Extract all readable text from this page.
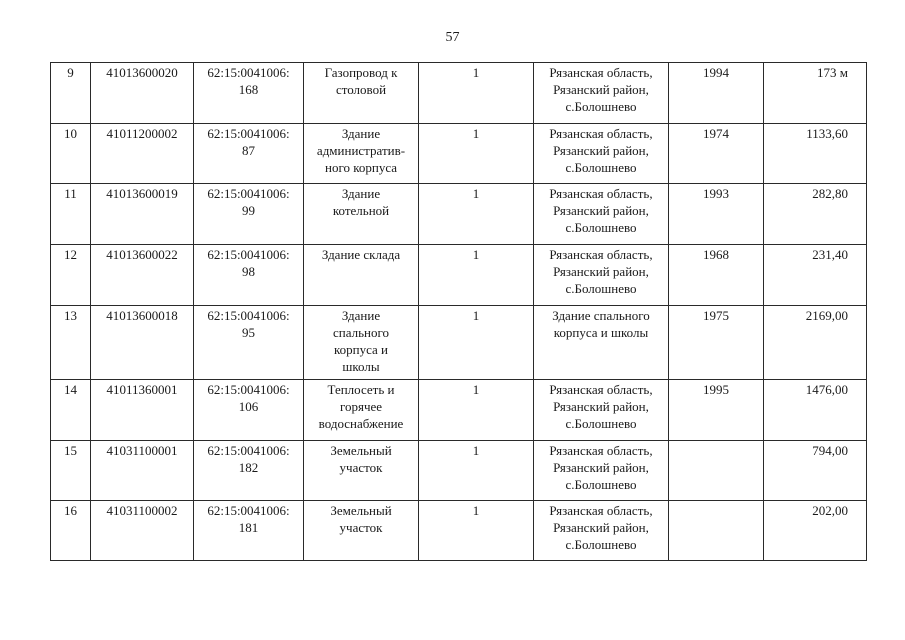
57
9	41013600020	62:15:0041006:
168	Газопровод к
столовой	1	Рязанская область,
Рязанский район,
с.Болошнево	1994	173 м
10	41011200002	62:15:0041006:
87	Здание
административ-
ного корпуса	1	Рязанская область,
Рязанский район,
с.Болошнево	1974	1133,60
11	41013600019	62:15:0041006:
99	Здание
котельной	1	Рязанская область,
Рязанский район,
с.Болошнево	1993	282,80
12	41013600022	62:15:0041006:
98	Здание склада	1	Рязанская область,
Рязанский район,
с.Болошнево	1968	231,40
13	41013600018	62:15:0041006:
95	Здание
спального
корпуса и
школы	1	Здание спального
корпуса и школы	1975	2169,00
14	41011360001	62:15:0041006:
106	Теплосеть и
горячее
водоснабжение	1	Рязанская область,
Рязанский район,
с.Болошнево	1995	1476,00
15	41031100001	62:15:0041006:
182	Земельный
участок	1	Рязанская область,
Рязанский район,
с.Болошнево		794,00
16	41031100002	62:15:0041006:
181	Земельный
участок	1	Рязанская область,
Рязанский район,
с.Болошнево		202,00
